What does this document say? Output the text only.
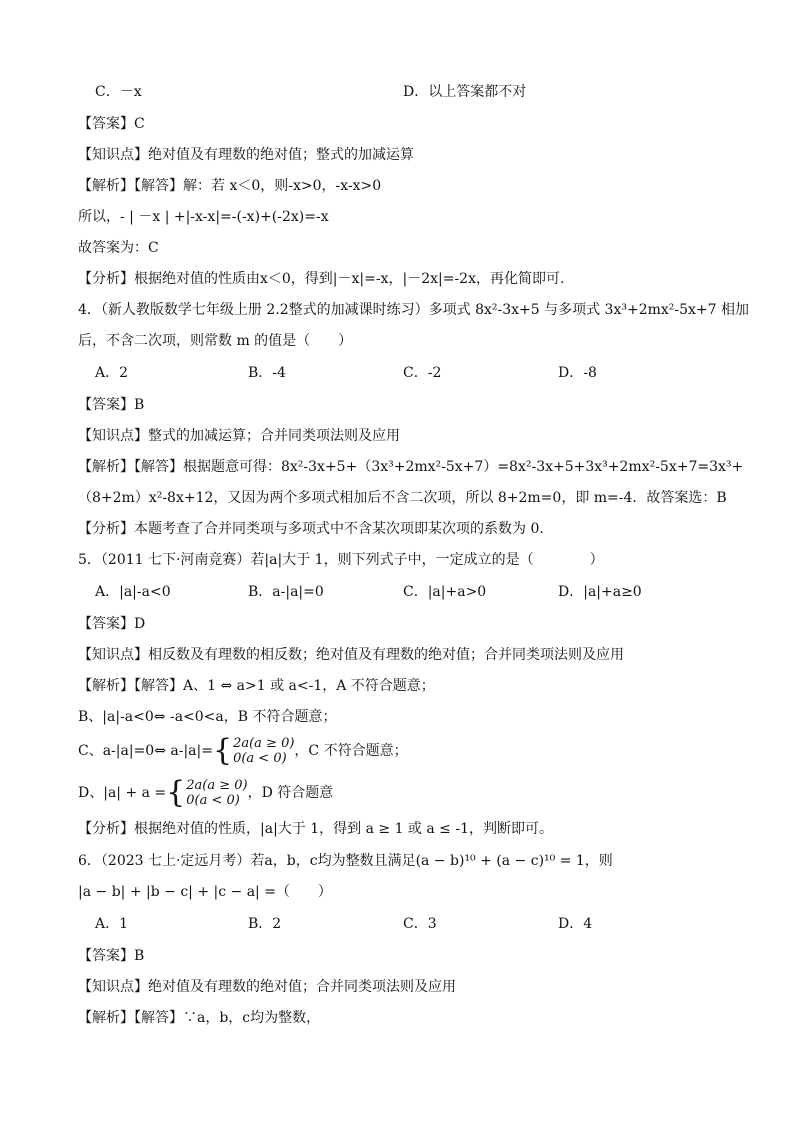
C．－x	D．以上答案都不对
【答案】C
【知识点】绝对值及有理数的绝对值；整式的加减运算
【解析】【解答】解：若 x＜0，则-x>0，-x-x>0
所以，- | －x | +|-x-x|=-(-x)+(-2x)=-x
故答案为：C
【分析】根据绝对值的性质由x＜0，得到|－x|=-x，|－2x|=-2x，再化简即可.
4．（新人教版数学七年级上册 2.2整式的加减课时练习）多项式 8x²-3x+5 与多项式 3x³+2mx²-5x+7 相加
后，不含二次项，则常数 m 的值是（　　）
A．2	B．-4	C．-2	D．-8
【答案】B
【知识点】整式的加减运算；合并同类项法则及应用
【解析】【解答】根据题意可得：8x²-3x+5+（3x³+2mx²-5x+7）=8x²-3x+5+3x³+2mx²-5x+7=3x³+
（8+2m）x²-8x+12，又因为两个多项式相加后不含二次项，所以 8+2m=0，即 m=-4．故答案选：B
【分析】本题考查了合并同类项与多项式中不含某次项即某次项的系数为 0．
5．（2011 七下·河南竞赛）若|a|大于 1，则下列式子中，一定成立的是（　　　　）
A．|a|-a<0	B．a-|a|=0	C．|a|+a>0	D．|a|+a≥0
【答案】D
【知识点】相反数及有理数的相反数；绝对值及有理数的绝对值；合并同类项法则及应用
【解析】【解答】A、1 ⇔ a>1 或 a<-1，A 不符合题意；
B、|a|-a<0⇔ -a<0<a，B 不符合题意；
C、a-|a|=0⇔ a-|a|={2a(a ≥ 0)
0(a < 0) ，C 不符合题意；
D、|a| + a ={2a(a ≥ 0)
0(a < 0) ，D 符合题意
【分析】根据绝对值的性质，|a|大于 1，得到 a ≥ 1 或 a ≤ -1，判断即可。
6．（2023 七上·定远月考）若a，b，c均为整数且满足(a − b)¹⁰ + (a − c)¹⁰ = 1，则
|a − b| + |b − c| + |c − a| =（　　）
A．1	B．2	C．3	D．4
【答案】B
【知识点】绝对值及有理数的绝对值；合并同类项法则及应用
【解析】【解答】∵a，b，c均为整数，
